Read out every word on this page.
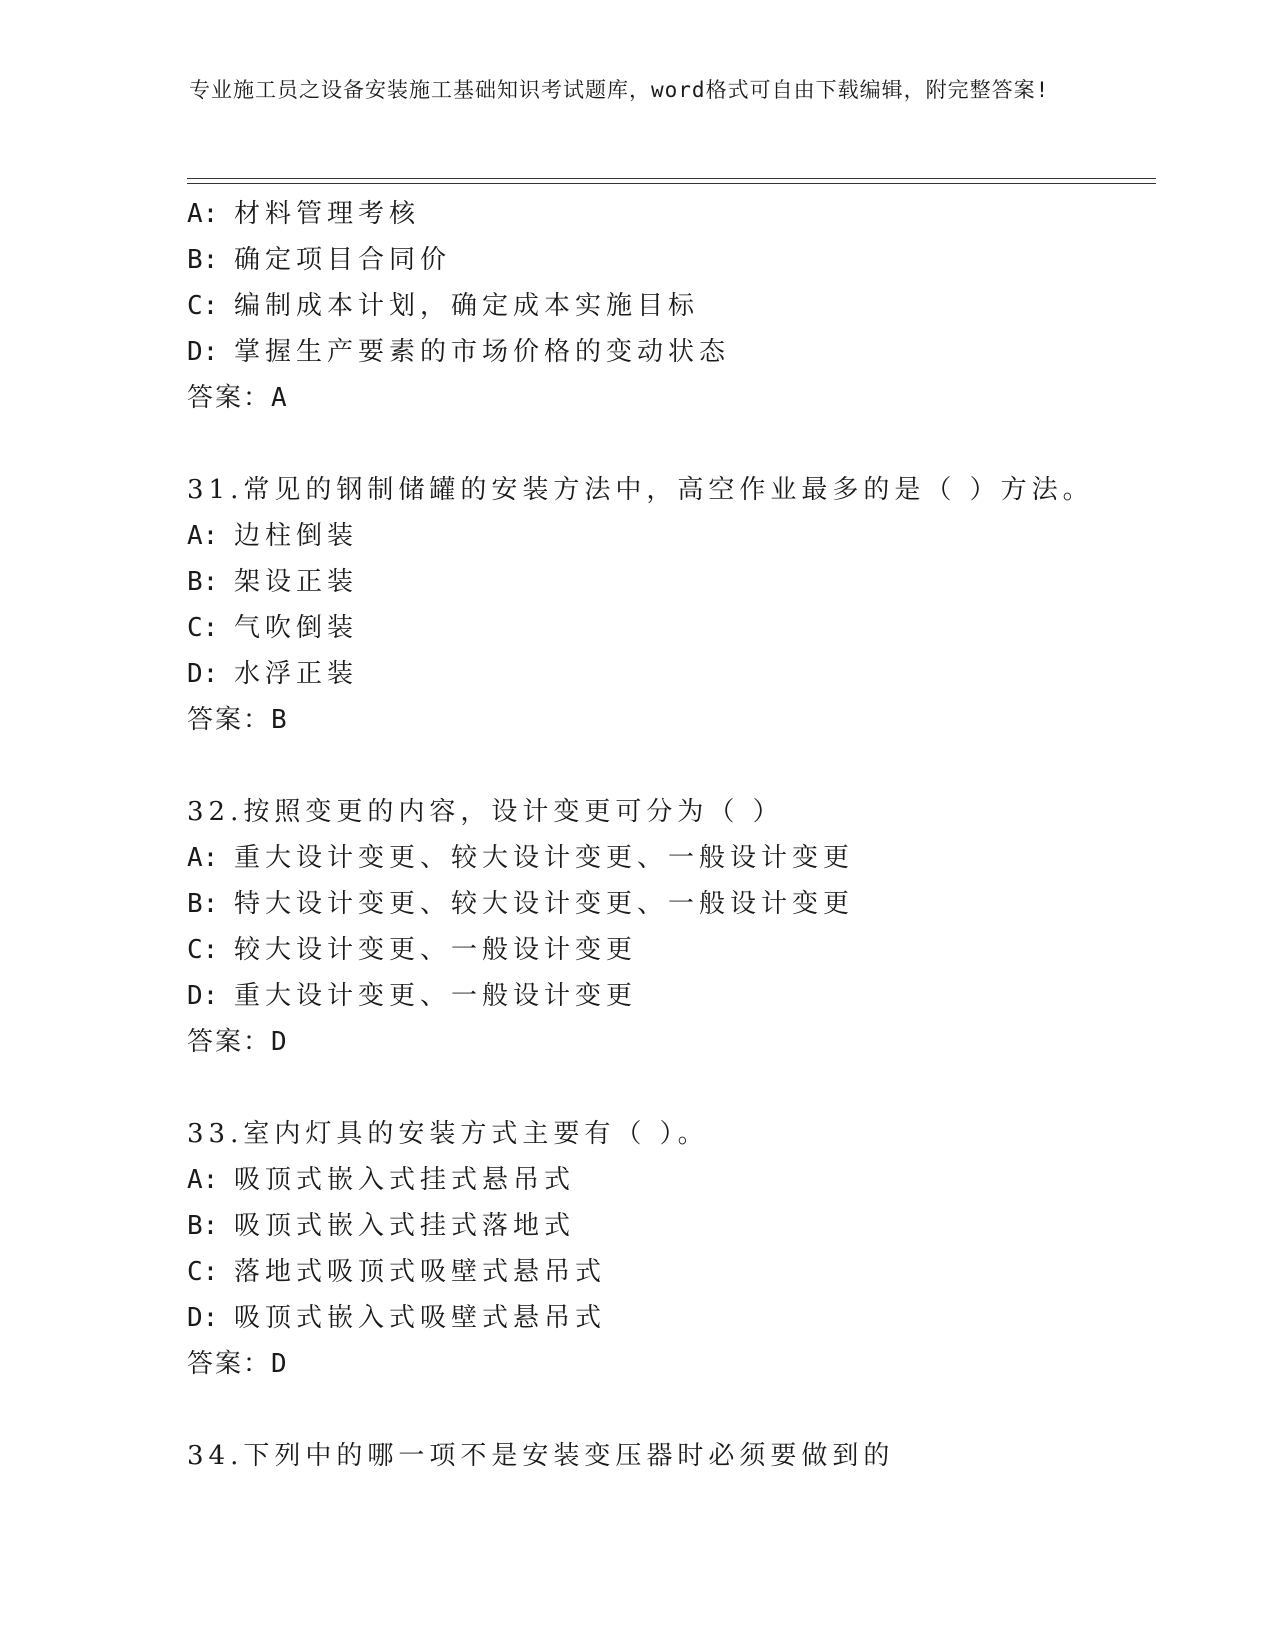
专业施工员之设备安装施工基础知识考试题库，word格式可自由下载编辑，附完整答案!
A: 材料管理考核
B: 确定项目合同价
C: 编制成本计划，确定成本实施目标
D: 掌握生产要素的市场价格的变动状态
答案：A
31.常见的钢制储罐的安装方法中，高空作业最多的是（ ）方法。
A: 边柱倒装
B: 架设正装
C: 气吹倒装
D: 水浮正装
答案：B
32.按照变更的内容，设计变更可分为（ ）
A: 重大设计变更、较大设计变更、一般设计变更
B: 特大设计变更、较大设计变更、一般设计变更
C: 较大设计变更、一般设计变更
D: 重大设计变更、一般设计变更
答案：D
33.室内灯具的安装方式主要有（ ）。
A: 吸顶式嵌入式挂式悬吊式
B: 吸顶式嵌入式挂式落地式
C: 落地式吸顶式吸壁式悬吊式
D: 吸顶式嵌入式吸壁式悬吊式
答案：D
34.下列中的哪一项不是安装变压器时必须要做到的
